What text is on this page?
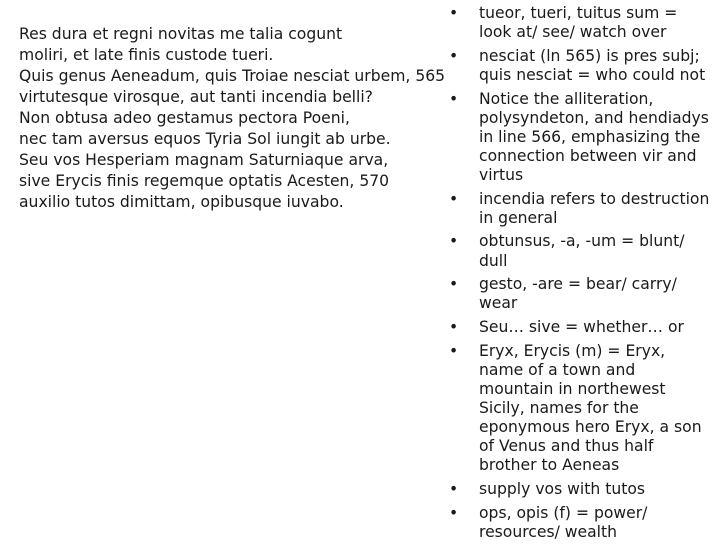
Res dura et regni novitas me talia cogunt
moliri, et late finis custode tueri.
Quis genus Aeneadum, quis Troiae nesciat urbem, 565
virtutesque virosque, aut tanti incendia belli?
Non obtusa adeo gestamus pectora Poeni,
nec tam aversus equos Tyria Sol iungit ab urbe.
Seu vos Hesperiam magnam Saturniaque arva,
sive Erycis finis regemque optatis Acesten, 570
auxilio tutos dimittam, opibusque iuvabo.
• tueor, tueri, tuitus sum = look at/ see/ watch over
• nesciat (ln 565) is pres subj; quis nesciat = who could not
• Notice the alliteration, polysyndeton, and hendiadys in line 566, emphasizing the connection between vir and virtus
• incendia refers to destruction in general
• obtunsus, -a, -um = blunt/ dull
• gesto, -are = bear/ carry/ wear
• Seu… sive = whether… or
• Eryx, Erycis (m) = Eryx, name of a town and mountain in northewest Sicily, names for the eponymous hero Eryx, a son of Venus and thus half brother to Aeneas
• supply vos with tutos
• ops, opis (f) = power/ resources/ wealth
